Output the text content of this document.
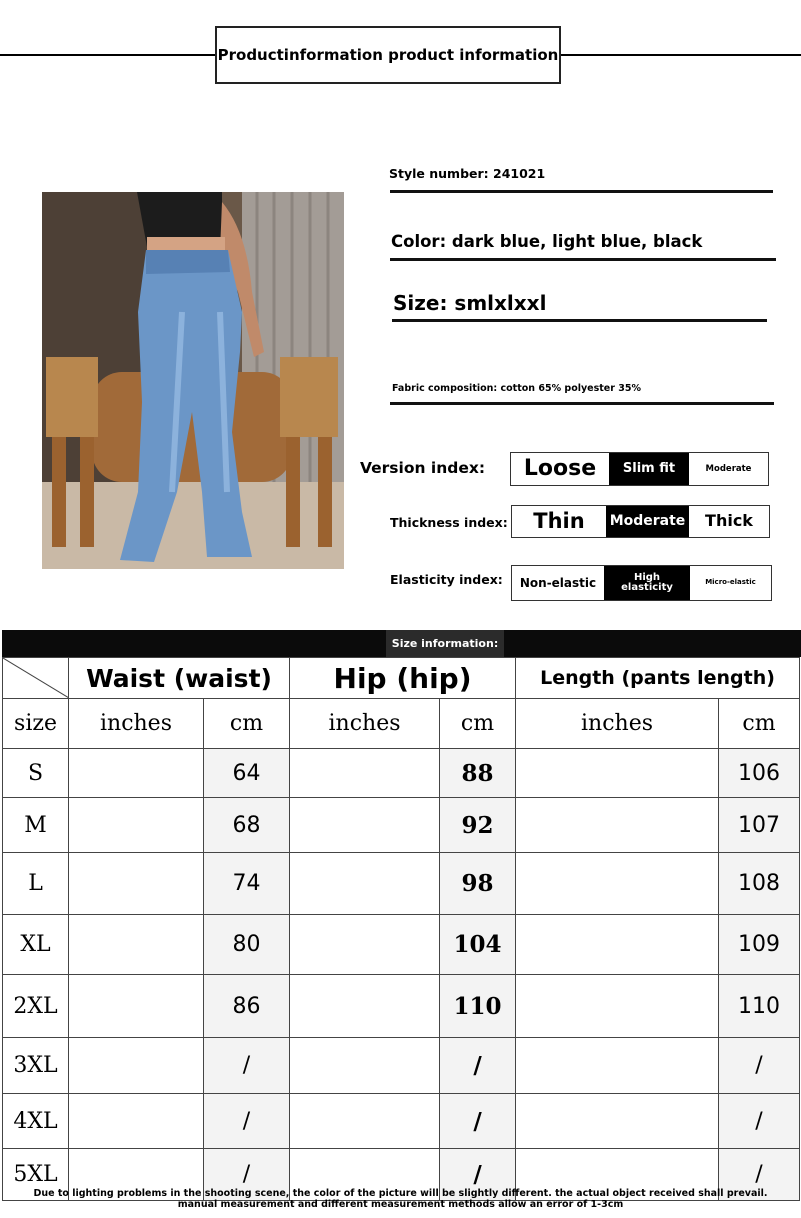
Productinformation product information
Style number: 241021
Color: dark blue, light blue, black
Size: smlxlxxl
Fabric composition: cotton 65% polyester 35%
Version index:	Loose	Slim fit	Moderate
Thickness index:	Thin	Moderate	Thick
Elasticity index:	Non-elastic	High elasticity	Micro-elastic
Size information:
	Waist (waist)		Hip (hip)		Length (pants length)	
size	inches	cm	inches	cm	inches	cm
S		64		88		106
M		68		92		107
L		74		98		108
XL		80		104		109
2XL		86		110		110
3XL		/		/		/
4XL		/		/		/
5XL		/		/		/
Due to lighting problems in the shooting scene, the color of the picture will be slightly different. the actual object received shall prevail.
manual measurement and different measurement methods allow an error of 1-3cm
